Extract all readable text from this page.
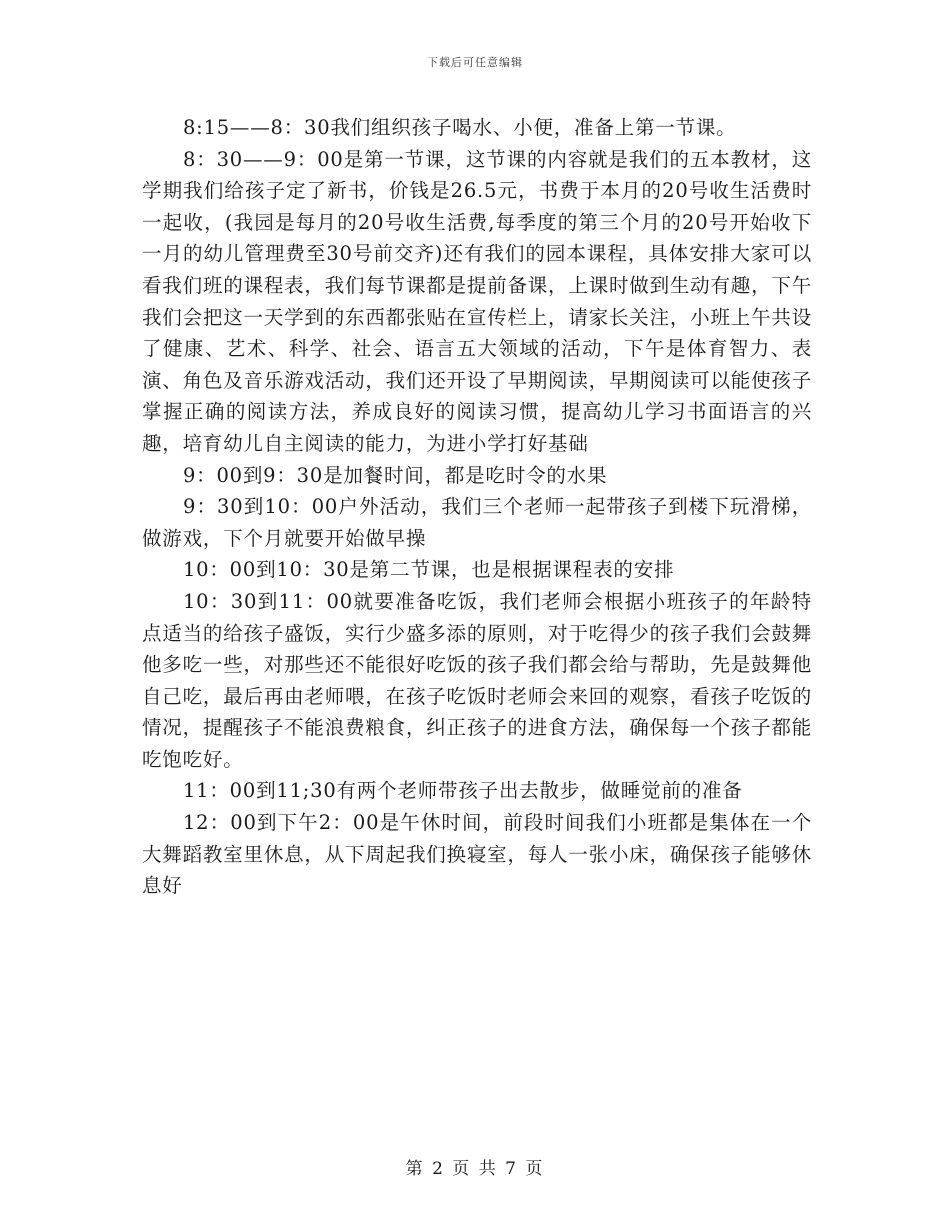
下载后可任意编辑

8:15——8：30我们组织孩子喝水、小便，准备上第一节课。

8：30——9：00是第一节课，这节课的内容就是我们的五本教材，这学期我们给孩子定了新书，价钱是26.5元，书费于本月的20号收生活费时一起收，(我园是每月的20号收生活费,每季度的第三个月的20号开始收下一月的幼儿管理费至30号前交齐)还有我们的园本课程，具体安排大家可以看我们班的课程表，我们每节课都是提前备课，上课时做到生动有趣，下午我们会把这一天学到的东西都张贴在宣传栏上，请家长关注，小班上午共设了健康、艺术、科学、社会、语言五大领域的活动，下午是体育智力、表演、角色及音乐游戏活动，我们还开设了早期阅读，早期阅读可以能使孩子掌握正确的阅读方法，养成良好的阅读习惯，提高幼儿学习书面语言的兴趣，培育幼儿自主阅读的能力，为进小学打好基础

9：00到9：30是加餐时间，都是吃时令的水果

9：30到10：00户外活动，我们三个老师一起带孩子到楼下玩滑梯，做游戏，下个月就要开始做早操

10：00到10：30是第二节课，也是根据课程表的安排

10：30到11：00就要准备吃饭，我们老师会根据小班孩子的年龄特点适当的给孩子盛饭，实行少盛多添的原则，对于吃得少的孩子我们会鼓舞他多吃一些，对那些还不能很好吃饭的孩子我们都会给与帮助，先是鼓舞他自己吃，最后再由老师喂，在孩子吃饭时老师会来回的观察，看孩子吃饭的情况，提醒孩子不能浪费粮食，纠正孩子的进食方法，确保每一个孩子都能吃饱吃好。

11：00到11;30有两个老师带孩子出去散步，做睡觉前的准备

12：00到下午2：00是午休时间，前段时间我们小班都是集体在一个大舞蹈教室里休息，从下周起我们换寝室，每人一张小床，确保孩子能够休息好

第 2 页 共 7 页
